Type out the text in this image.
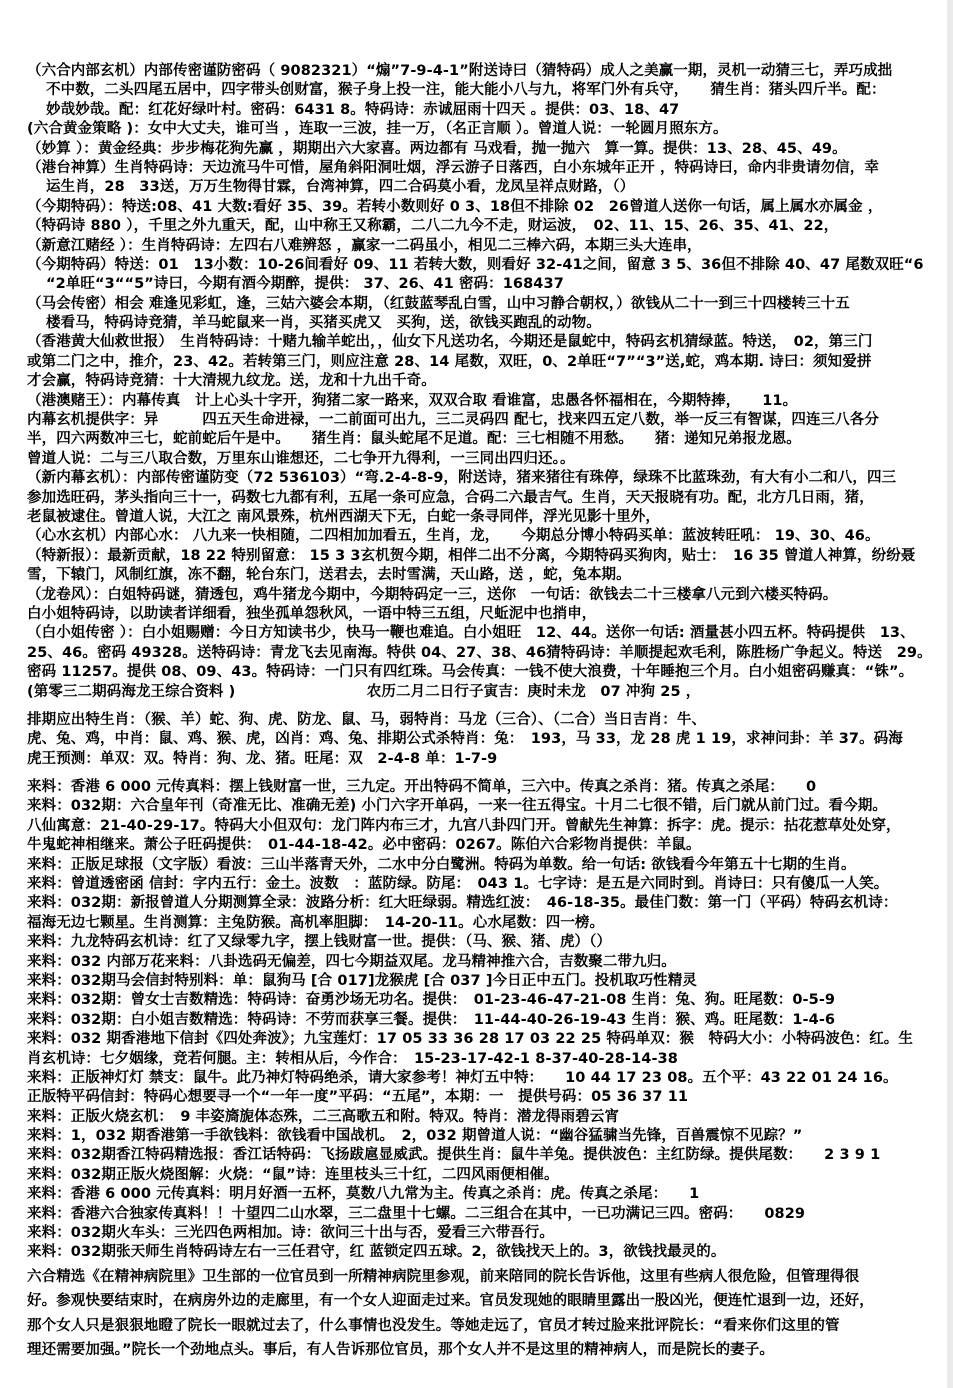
（六合内部玄机）内部传密谨防密码（ 9082321）“煽”7-9-4-1”附送诗曰（猜特码）成人之美赢一期，灵机一动猜三七，弄巧成拙
不中数，二头四尾五居中，四字带头创财富，猴子身上投一注，能大能小八与九，将军门外有兵守，　　猜生肖：猪头四斤半。配：
妙哉妙哉。配：红花好绿叶村。密码：6431 8。特码诗：赤诚屈雨十四天 。提供：03、18、47
(六合黄金策略 )：女中大丈夫，谁可当 ，连取一三波，挂一万，（名正言顺 ）。曾道人说：一轮圆月照东方。
（妙算 ）：黄金经典：步步梅花狗先赢 ，期期出六大家喜。两边都有 马戏看，抛一抛六　算一算。提供：13、28、45、49。
（港台神算）生肖特码诗：天边流马牛可惜，屋角斜阳洞吐烟，浮云游子日落西，白小东城年正开 ，特码诗曰，命内非贵请勿信，幸
运生肖，28　33送，万万生物得甘霖，台湾神算，四二合码莫小看，龙凤呈祥点财路，（）
（今期特码）：特送:08、41 大数:看好 35、39。若转小数则好 0 3、18但不排除 02　26曾道人送你一句话，属上属水亦属金 ，
（特码诗 880 ），千里之外九重天，配，山中称王又称霸，二八二九今不走，财运波，　02、11、15、26、35、41、22，
（新意江赌经 ）：生肖特码诗：左四右八难辨怒 ，赢家一二码虽小，相见二三棒六码，本期三头大连串，
（今期特码）特送：01　13小数：10-26间看好 09、11 若转大数，则看好 32-41之间，留意 3 5、36但不排除 40、47 尾数双旺“6
“2单旺“3““5”诗曰，今期有酒今期醉，提供： 37、26、41 密码：168437
（马会传密）相会 难逢见彩虹，逢，三姑六婆会本期，（红鼓蓝琴乱白雪，山中习静合朝权，）欲钱从二十一到三十四楼转三十五
楼看马，特码诗竞猜，羊马蛇鼠来一肖，买猪买虎又　买狗，送，欲钱买跑乱的动物。
（香港黄大仙救世报）　生肖特码诗：十赌九输羊蛇出，，仙女下凡送功名，今期还是鼠蛇中，特码玄机猜绿蓝。特送，　02，第三门
或第二门之中，推介，23、42。若转第三门，则应注意 28、14 尾数，双旺，0、2单旺“7”“3”送,蛇，鸡本期. 诗曰：须知爱拼
才会赢，特码诗竞猜：十大清规九纹龙。送，龙和十九出千奇。
（港澳赌王）：内幕传真　计上心头十字开，狗猪二家一路来，双双合取 看谁富，忠愚各怀福相在，今期特捧，　　11。
内幕玄机提供字：异　　　四五天生命进禄，一二前面可出九，三二灵码四 配七，找来四五定八数，举一反三有智谋，四连三八各分
半，四六两数冲三七，蛇前蛇后午是中。　　猪生肖：鼠头蛇尾不足道。配：三七相随不用愁。　　猪：递知兄弟报龙恩。
曾道人说：二与三八取合数，万里东山谁想还，二七争开九得利，一三同出四归还。。
（新内幕玄机）：内部传密谨防变（72 536103）“弯.2-4-8-9，附送诗，猪来猪往有珠停，绿珠不比蓝珠劲，有大有小二和八，四三
参加选旺码，茅头指向三十一，码数七九都有利，五尾一条可应急，合码二六最吉气。生肖，天天报晓有功。配，北方几日雨，猪，
老鼠被逮住。曾道人说，大江之 南风景殊，杭州西湖天下无，白蛇一条寻同伴，浮光见影十里外，
（心水玄机）内部心水： 八九来一快相随，二四相加加看五，生肖，龙，　　今期总分博小特码买单：蓝波转旺吼： 19、30、46。
（特新报）：最新贡献，18 22 特别留意： 15 3 3玄机贺今期，相伴二出不分离，今期特码买狗肉，贴士：　16 35 曾道人神算，纷纷聂
雪，下辕门，风制红旗，冻不翻，轮台东门，送君去，去时雪满，天山路，送 ，蛇，兔本期。
（龙卷风）：白姐特码谜，猜透包，鸡牛猪龙今期中，今期特码定一三，送你　一句话：欲钱去二十三楼拿八元到六楼买特码。
白小姐特码诗，以助读者详细看，独坐孤单怨秋风，一语中特三五组，尺蚯泥中也捎申，
（白小姐传密 ）：白小姐赐赠：今日方知读书少，快马一鞭也难追。白小姐旺　12、44。送你一句话: 酒量甚小四五杯。特码提供　13、
25、46。密码 49328。送特码诗：青龙飞去见南海。特供 04、27、38、46猜特码诗：羊顺提起欢毛利，陈胜杨广争起义。特送　29。
密码 11257。提供 08、09、43。特码诗：一门只有四红珠。马会传真：一钱不使大浪费，十年睡抱三个月。白小姐密码赚真：“铢”。
(第零三二期码海龙王综合资料 )　　　　　　　　　农历二月二日行子寅吉：庚时未龙　07 冲狗 25 ，
排期应出特生肖：（猴、羊）蛇、狗、虎、防龙、鼠、马，弱特肖：马龙（三合）、（二合）当日吉肖：牛、
虎、兔、鸡，中肖：鼠、鸡、猴、虎，凶肖：鸡、兔、排期公式杀特肖：兔：　193，马 33，龙 28 虎 1 19，求神问卦：羊 37。码海
虎王预测：单双：双。特肖：狗、龙、猪。旺尾：双　2-4-8 单：1-7-9
来料：香港 6 000 元传真料：摆上钱财富一世，三九定。开出特码不简单，三六中。传真之杀肖：猪。传真之杀尾：　　0
来料：032期：六合皇年刊（奇准无比、准确无差) 小门六字开单码，一来一往五得宝。十月二七很不错，后门就从前门过。看今期。
八仙寓意：21-40-29-17。特码大小但双句：龙门阵内布三才，九宫八卦四门开。曾献先生神算：拆字：虎。提示：拈花惹草处处穿，
牛鬼蛇神相继来。萧公子旺码提供：　01-44-18-42。必中密码：0267。陈伯六合彩物肖提供：羊鼠。
来料：正版足球报（文字版）看波：三山半落青天外，二水中分白鹭洲。特码为单数。给一句话: 欲钱看今年第五十七期的生肖。
来料：曾道透密函 信封：字内五行：金土。波数　：蓝防绿。防尾：　043 1。七字诗：是五是六同时到。肖诗曰：只有傻瓜一人笑。
来料：032期：新报曾道人分期测算全录：波路分析：红大旺绿弱。精选红波：　46-18-35。最佳门数：第一门（平码）特码玄机诗：
福海无边七颗星。生肖测算：主兔防猴。高机率胆脚：　14-20-11。心水尾数：四一榜。
来料：九龙特码玄机诗：红了又绿零九字，摆上钱财富一世。提供：（马、猴、猪、虎）（）
来料：032 内部万花来料：八卦选码无偏差，四七今期益双尾。龙马精神推六合，吉数聚二带九归。
来料：032期马会信封特别料：单：鼠狗马 [合 017]龙猴虎 [合 037 ]今日正中五门。投机取巧性精灵
来料：032期：曾女士吉数精选：特码诗：奋勇沙场无功名。提供：　01-23-46-47-21-08 生肖：兔、狗。旺尾数：0-5-9
来料：032期：白小姐吉数精选：特码诗：不劳而获享三餐。提供：　11-44-40-26-19-43 生肖：猴、鸡。旺尾数：1-4-6
来料：032 期香港地下信封《四处奔波》；九宝莲灯：17 05 33 36 28 17 03 22 25 特码单双：猴　特码大小：小特码波色：红。生
肖玄机诗：七夕姻缘，竞若何腿。主：转相从后，今作合：　15-23-17-42-1 8-37-40-28-14-38
来料：正版神灯灯 禁支：鼠牛。此乃神灯特码绝杀，请大家参考！神灯五中特：　　10 44 17 23 08。五个平：43 22 01 24 16。
正版特平码信封：特码心想要寻一个“一年一度”平码：“五尾”，本期：一　提供号码：05 36 37 11
来料：正版火烧玄机：　9 丰姿旖旎体态殊，二三高歌五和附。特双。特肖：潜龙得雨碧云宵
来料：1，032 期香港第一手欲钱料：欲钱看中国战机。　2，032 期曾道人说：“幽谷猛骕当先锋，百兽震惊不见踪？”
来料：032期香江特码精选报：香江话特码：飞扬跋扈显威武。提供生肖：鼠牛羊兔。提供波色：主红防绿。提供尾数：　　2 3 9 1
来料：032期正版火烧图解：火烧：“鼠”诗：连里枝头三十红，二四风雨便相催。
来料：香港 6 000 元传真料：明月好酒一五杯，莫数八九常为主。传真之杀肖：虎。传真之杀尾：　　1
来料：香港六合独家传真料！！十望四二山水翠，三二盘里十七螺。二三组合在其中，一已功满记三四。密码：　　0829
来料：032期火车头：三光四色两相加。诗：欲问三十出与否，爱看三六带吾行。
来料：032期张天师生肖特码诗左右一三任君守，红 蓝锁定四五球。2，欲钱找天上的。3，欲钱找最灵的。
六合精选《在精神病院里》卫生部的一位官员到一所精神病院里参观，前来陪同的院长告诉他，这里有些病人很危险，但管理得很
好。参观快要结束时，在病房外边的走廊里，有一个女人迎面走过来。官员发现她的眼睛里露出一股凶光，便连忙退到一边，还好，
那个女人只是狠狠地瞪了院长一眼就过去了，什么事情也没发生。等她走远了，官员才转过脸来批评院长：“看来你们这里的管
理还需要加强。”院长一个劲地点头。事后，有人告诉那位官员，那个女人并不是这里的精神病人，而是院长的妻子。
